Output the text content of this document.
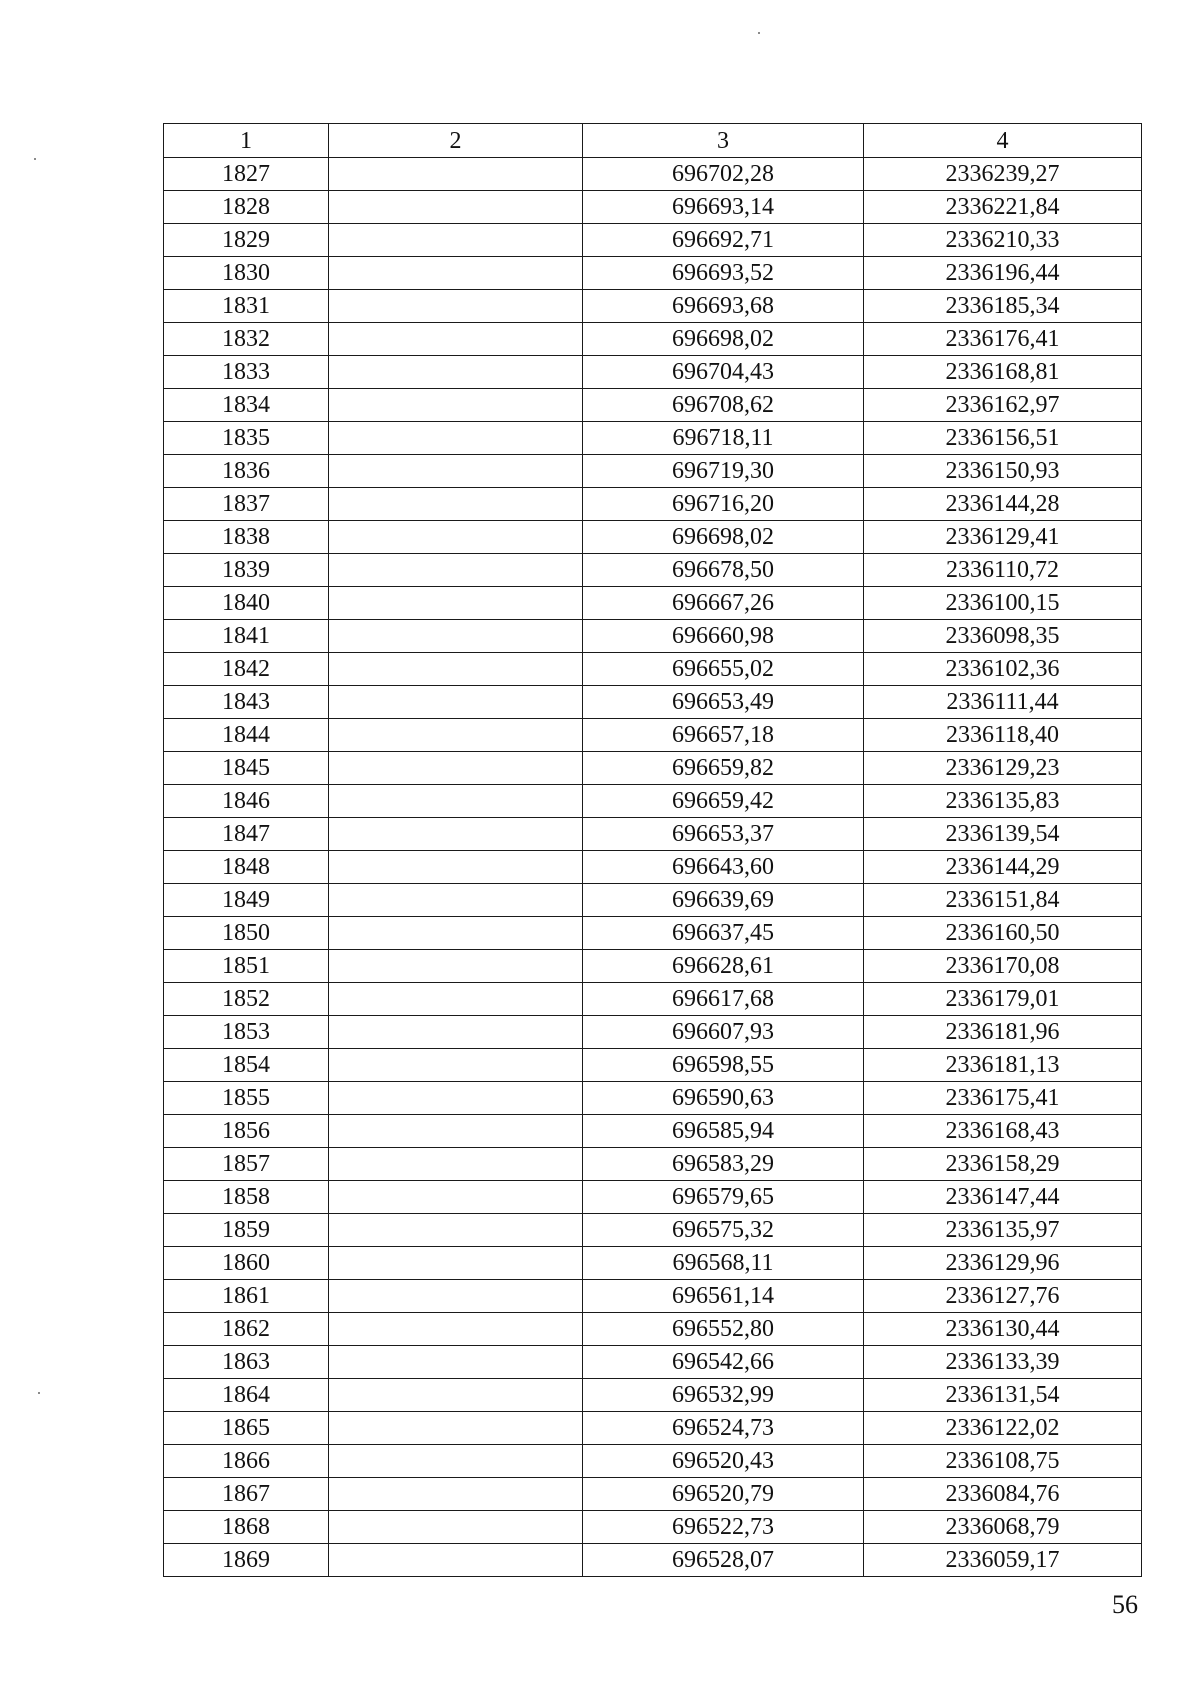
1	2	3	4
1827		696702,28	2336239,27
1828		696693,14	2336221,84
1829		696692,71	2336210,33
1830		696693,52	2336196,44
1831		696693,68	2336185,34
1832		696698,02	2336176,41
1833		696704,43	2336168,81
1834		696708,62	2336162,97
1835		696718,11	2336156,51
1836		696719,30	2336150,93
1837		696716,20	2336144,28
1838		696698,02	2336129,41
1839		696678,50	2336110,72
1840		696667,26	2336100,15
1841		696660,98	2336098,35
1842		696655,02	2336102,36
1843		696653,49	2336111,44
1844		696657,18	2336118,40
1845		696659,82	2336129,23
1846		696659,42	2336135,83
1847		696653,37	2336139,54
1848		696643,60	2336144,29
1849		696639,69	2336151,84
1850		696637,45	2336160,50
1851		696628,61	2336170,08
1852		696617,68	2336179,01
1853		696607,93	2336181,96
1854		696598,55	2336181,13
1855		696590,63	2336175,41
1856		696585,94	2336168,43
1857		696583,29	2336158,29
1858		696579,65	2336147,44
1859		696575,32	2336135,97
1860		696568,11	2336129,96
1861		696561,14	2336127,76
1862		696552,80	2336130,44
1863		696542,66	2336133,39
1864		696532,99	2336131,54
1865		696524,73	2336122,02
1866		696520,43	2336108,75
1867		696520,79	2336084,76
1868		696522,73	2336068,79
1869		696528,07	2336059,17
56
